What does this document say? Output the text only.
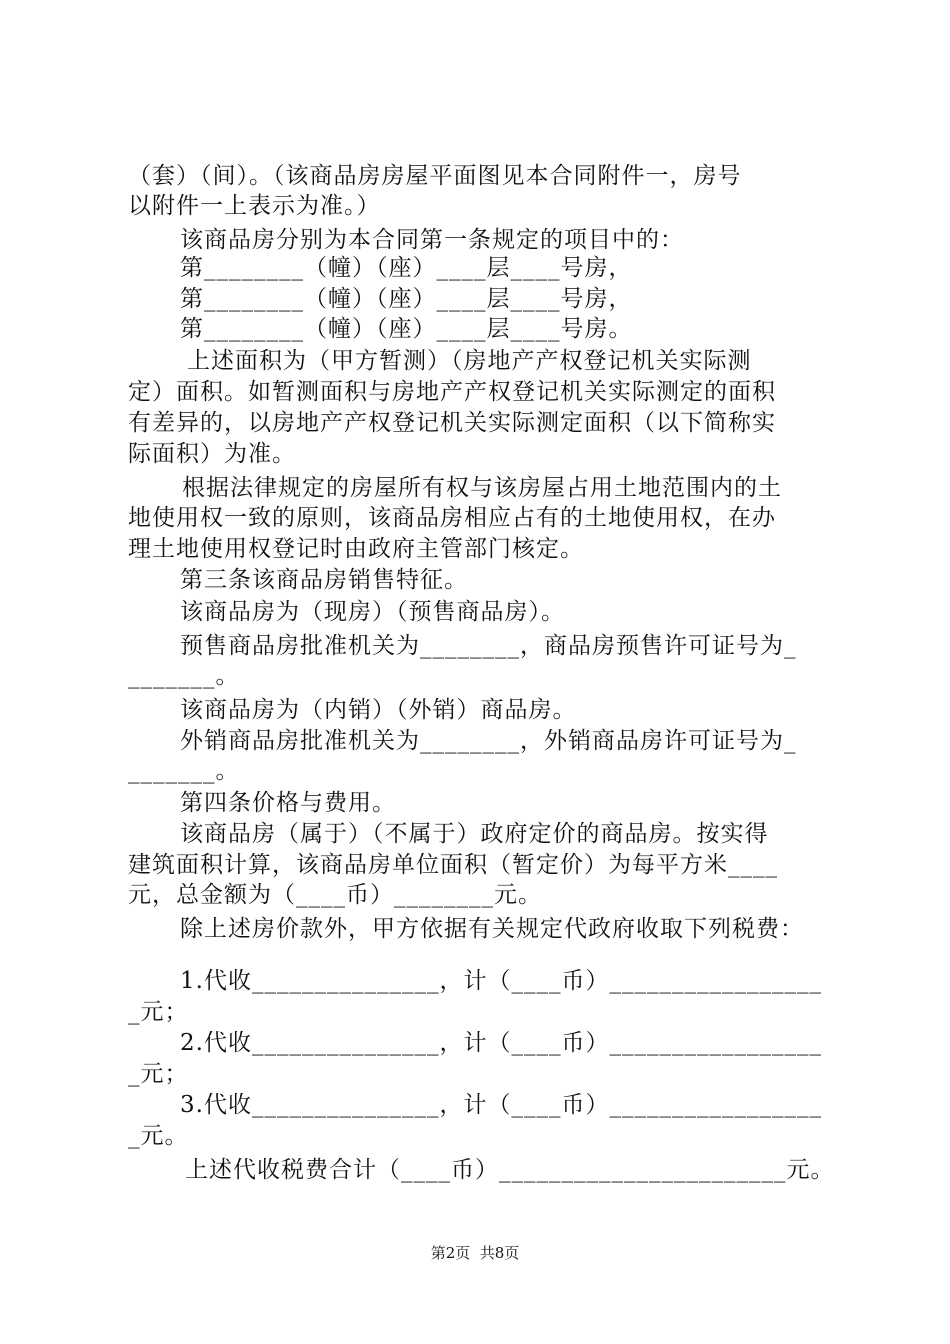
（套）（间）。（该商品房房屋平面图见本合同附件一，房号
以附件一上表示为准。）
该商品房分别为本合同第一条规定的项目中的：
第________（幢）（座）____层____号房，
第________（幢）（座）____层____号房，
第________（幢）（座）____层____号房。
上述面积为（甲方暂测）（房地产产权登记机关实际测
定）面积。如暂测面积与房地产产权登记机关实际测定的面积
有差异的，以房地产产权登记机关实际测定面积（以下简称实
际面积）为准。
根据法律规定的房屋所有权与该房屋占用土地范围内的土
地使用权一致的原则，该商品房相应占有的土地使用权，在办
理土地使用权登记时由政府主管部门核定。
第三条该商品房销售特征。
该商品房为（现房）（预售商品房）。
预售商品房批准机关为________，商品房预售许可证号为_
_______。
该商品房为（内销）（外销）商品房。
外销商品房批准机关为________，外销商品房许可证号为_
_______。
第四条价格与费用。
该商品房（属于）（不属于）政府定价的商品房。按实得
建筑面积计算，该商品房单位面积（暂定价）为每平方米____
元，总金额为（____币）________元。
除上述房价款外，甲方依据有关规定代政府收取下列税费：
1.代收_______________，计（____币）_________________
_元；
2.代收_______________，计（____币）_________________
_元；
3.代收_______________，计（____币）_________________
_元。
上述代收税费合计（____币）_______________________元。
第2页  共8页
